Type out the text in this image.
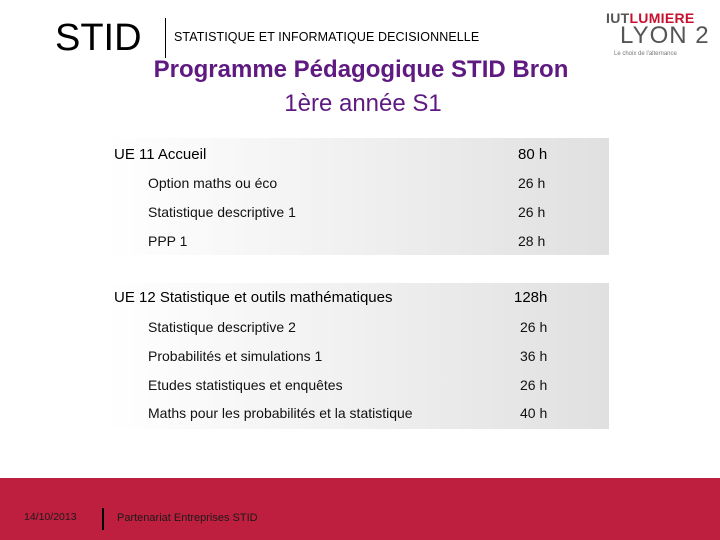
STID	STATISTIQUE ET INFORMATIQUE DECISIONNELLE
IUTLUMIERE
LYON 2
Le choix de l'alternance
Programme Pédagogique STID Bron
1ère année S1
UE 11 Accueil	80 h
Option maths ou éco	26 h
Statistique descriptive 1	26 h
PPP 1	28 h
UE 12 Statistique et outils mathématiques	128h
Statistique descriptive 2	26 h
Probabilités et simulations 1	36 h
Etudes statistiques et enquêtes	26 h
Maths pour les probabilités et la statistique	40 h
14/10/2013	Partenariat Entreprises STID
